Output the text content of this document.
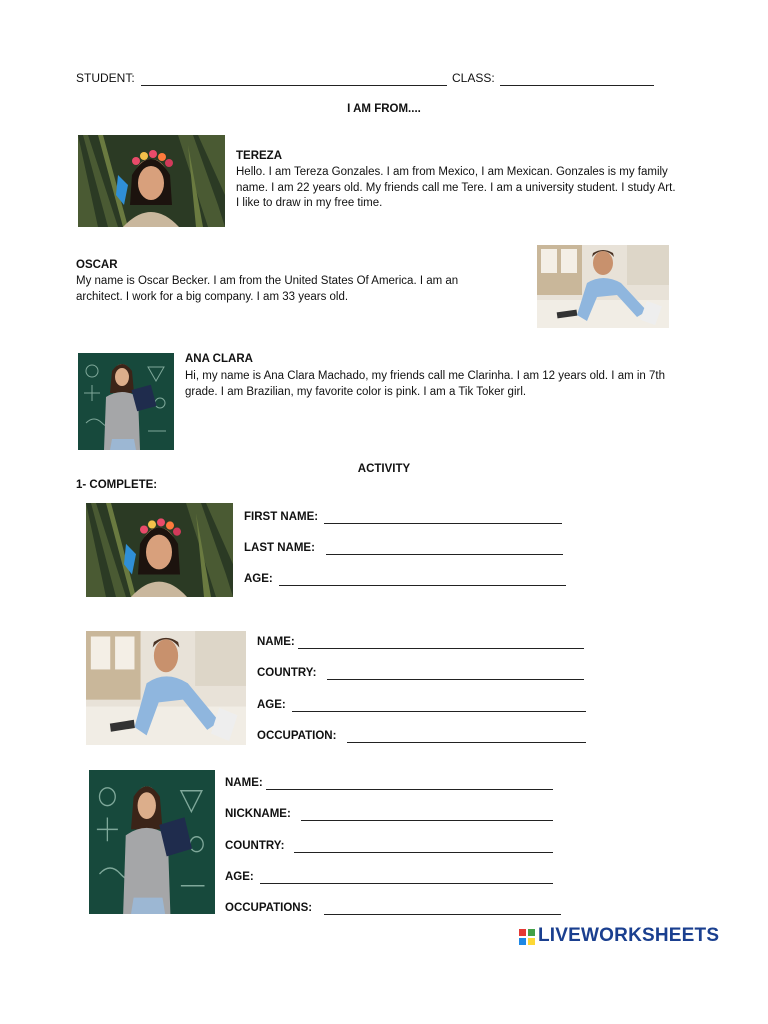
STUDENT:	CLASS:
I AM FROM....
TEREZA
Hello. I am Tereza Gonzales. I am from Mexico, I am Mexican. Gonzales is my family name. I am 22 years old. My friends call me Tere. I am a university student. I study Art. I like to draw in my free time.
OSCAR
My name is Oscar Becker. I am from the United States Of America. I am an architect. I work for a big company. I am 33 years old.
ANA CLARA
Hi, my name is Ana Clara Machado, my friends call me Clarinha. I am 12 years old. I am in 7th grade. I am Brazilian, my favorite color is pink. I am a Tik Toker girl.
ACTIVITY
1- COMPLETE:
FIRST NAME:
LAST NAME:
AGE:
NAME:
COUNTRY:
AGE:
OCCUPATION:
NAME:
NICKNAME:
COUNTRY:
AGE:
OCCUPATIONS:
LIVEWORKSHEETS
